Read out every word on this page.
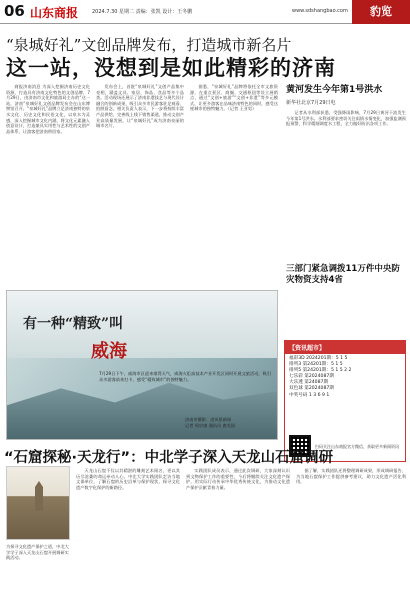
06 山东商报	2024.7.30 星期二 责编：张凯 设计：王冬鹏	www.sdshangbao.com	豹览
“泉城好礼”文创品牌发布，打造城市新名片
这一站，没想到是如此精彩的济南

商报济南消息 为深入挖掘济南历史文化资源，打造具有济南文化特色的文创品牌，7月29日，由济南市文化和旅游局主办的“这一站，济南”泉城好礼文创品牌发布会在山东博物馆召开。“泉城好礼”品牌立足济南独特的泉水文化、历史文化和民俗文化，以泉水为灵感，深入挖掘城市文化内涵，将文化元素融入创意设计，打造兼具实用性与艺术性的文创产品体系，让游客把济南带回家。

发布会上，首批“泉城好礼”文创产品集中亮相，涵盖文具、家居、饰品、食品等多个品类。活动现场还展示了济南非遗技艺与现代设计融合的创新成果，吸引众多市民游客驻足观看、拍照留念。相关负责人表示，下一步将持续丰富产品供给，完善线上线下销售渠道，推动文创产业高质量发展，让“泉城好礼”成为济南亮丽的城市名片。

据悉，“泉城好礼”品牌将依托全市文旅资源，在重点景区、商圈、交通枢纽等设立展销点，通过“文创+旅游”“文创+非遗”等多元模式，让更多游客在品味济南特色的同时，感受这座城市的独特魅力。（记者 王亚男）

黄河发生今年第1号洪水
新华社北京7月29日电

记者从水利部获悉，受强降雨影响，7月29日黄河干流发生今年第1号洪水。水利部要求密切关注雨情水情变化，加强监测预报预警，科学精细调度水工程，全力做好防汛各项工作。

三部门紧急调拨11万件中央防灾物资支持4省
有一种“精致”叫
威海
7月29日下午，威海市区迎来难得天气，威海火炬高技术产业开发区同时开展文旅活动，吸引众多游客前来打卡，感受“精致城市”的独特魅力。
济南市摄影：进风景新闻
记者 周宗康 通讯员 唐美国
【资讯超市】
福彩3D 2024201期：5 1 5
排列3 第24201期：5 1 5
排列5 第24201期：5 1 5 2 2
七乐彩 第2024087期
大乐透 第24087期
双色球 第2024087期
中奖号码 1 3 6 9 1
扫码关注山东商报官方微信，获取更多新闻资讯
“石窟探秘·天龙行”：中北学子深入天龙山石窟调研
为探寻文化遗产保护之道，中北大学学子深入天龙山石窟开展调研实践活动。

天龙山石窟不仅以其精湛的雕刻艺术闻名，更以其历尽沧桑的命运牵动人心。中北大学实践团队走访当地文保单位，了解石窟的历史沿革与保护现状，探寻文化遗产数字化保护的新路径。

实践团队成员表示，通过此次调研，大家深刻认识到文物保护工作的重要性，今后将继续关注文化遗产保护，用实际行动传承中华优秀传统文化，为推动文化遗产保护贡献青春力量。

据了解，实践团队还将整理调研成果，形成调研报告，为当地石窟保护工作提供参考建议，助力文化遗产活化利用。
